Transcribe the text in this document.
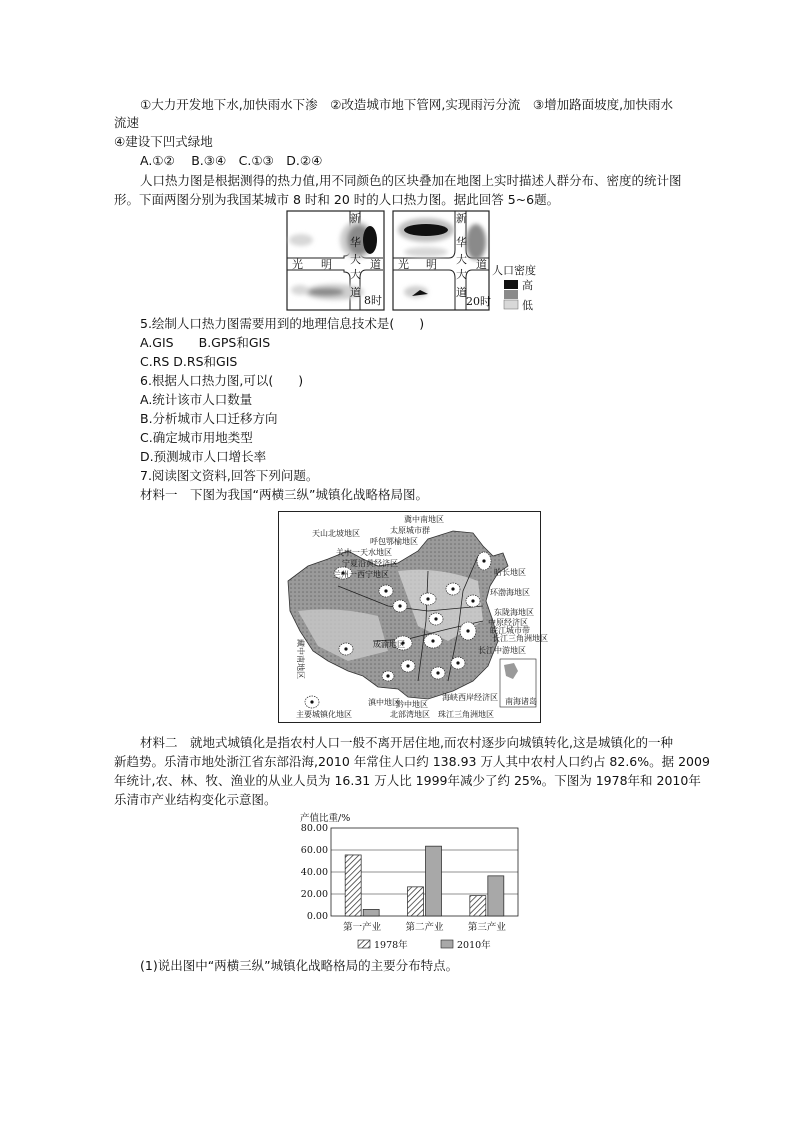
①大力开发地下水,加快雨水下渗　②改造城市地下管网,实现雨污分流　③增加路面坡度,加快雨水
流速
④建设下凹式绿地
A.①②　 B.③④　C.①③　D.②④
人口热力图是根据测得的热力值,用不同颜色的区块叠加在地图上实时描述人群分布、密度的统计图
形。下面两图分别为我国某城市 8 时和 20 时的人口热力图。据此回答 5~6题。
光 明 大 道
新
华
大
道
8时
光 明 大 道
新
华
大
道
20时
人口密度
高
低
5.绘制人口热力图需要用到的地理信息技术是(　　)
A.GIS　　B.GPS和GIS
C.RS D.RS和GIS
6.根据人口热力图,可以(　　)
A.统计该市人口数量
B.分析城市人口迁移方向
C.确定城市用地类型
D.预测城市人口增长率
7.阅读图文资料,回答下列问题。
材料一　下图为我国“两横三纵”城镇化战略格局图。
南海诸岛
冀中南地区
太原城市群
天山北坡地区
呼包鄂榆地区
关中一天水地区
宁夏沿黄经济区
兰州一西宁地区	哈长地区
环渤海地区
东陇海地区
中原经济区
皖江城市带
长江三角洲地区
长江中游地区
成渝地区
藏中南地区
滇中地区
黔中地区
北部湾地区
海峡西岸经济区
珠江三角洲地区
主要城镇化地区
材料二　就地式城镇化是指农村人口一般不离开居住地,而农村逐步向城镇转化,这是城镇化的一种
新趋势。乐清市地处浙江省东部沿海,2010 年常住人口约 138.93 万人其中农村人口约占 82.6%。据 2009
年统计,农、林、牧、渔业的从业人员为 16.31 万人比 1999年减少了约 25%。下图为 1978年和 2010年
乐清市产业结构变化示意图。
产值比重/%
0.00
20.00
40.00
60.00
80.00
第一产业	第二产业	第三产业
1978年	2010年
(1)说出图中“两横三纵”城镇化战略格局的主要分布特点。
